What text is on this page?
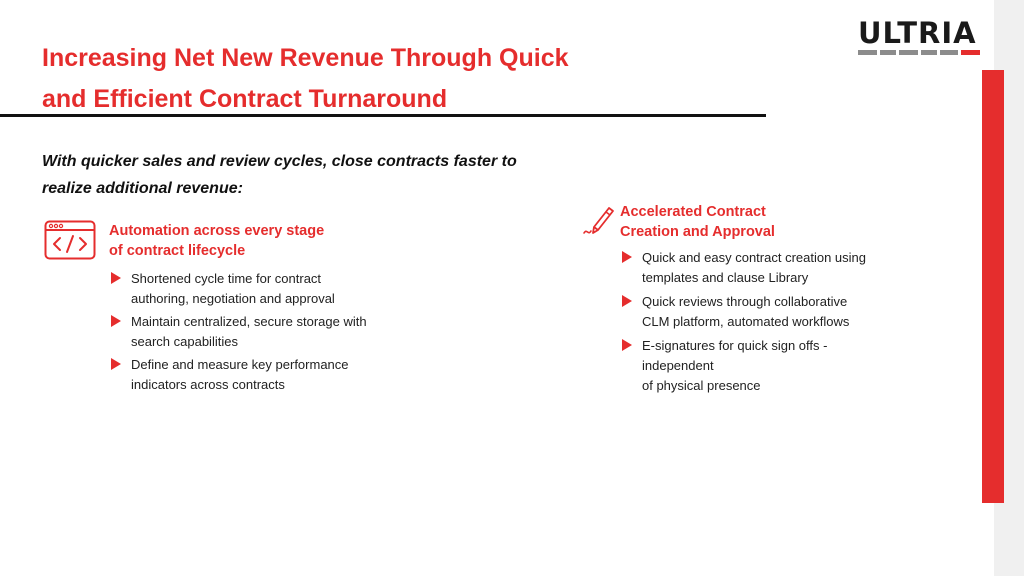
ULTRIA
Increasing Net New Revenue Through Quick
and Efficient Contract Turnaround

With quicker sales and review cycles, close contracts faster to
realize additional revenue:

Automation across every stage
of contract lifecycle
Shortened cycle time for contract
authoring, negotiation and approval
Maintain centralized, secure storage with
search capabilities
Define and measure key performance
indicators across contracts
Accelerated Contract
Creation and Approval
Quick and easy contract creation using
templates and clause Library
Quick reviews through collaborative
CLM platform, automated workflows
E-signatures for quick sign offs -
independent
of physical presence
